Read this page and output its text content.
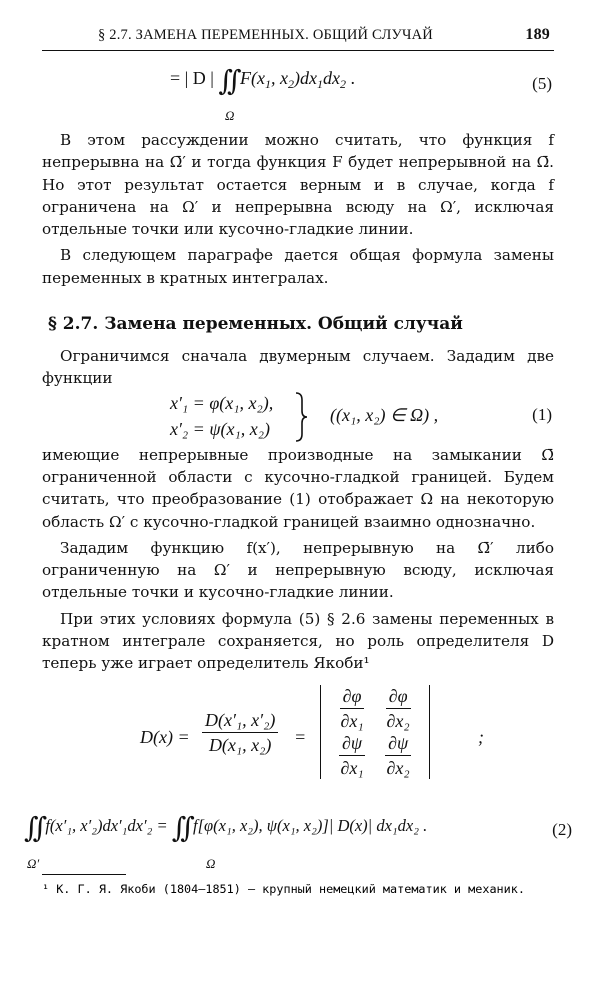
§ 2.7. ЗАМЕНА ПЕРЕМЕННЫХ. ОБЩИЙ СЛУЧАЙ	189
= | D | ∫∫ $F(x_1$, $x_2)dx_1dx_2$ .
Ω
(5)

В этом рассуждении можно считать, что функция f непрерывна на Ω̄′ и тогда функция F будет непрерывной на Ω̄. Но этот результат остается верным и в случае, когда f ограничена на Ω′ и непрерывна всюду на Ω′, исключая отдельные точки или кусочно-гладкие линии.

В следующем параграфе дается общая формула замены переменных в кратных интегралах.

§ 2.7. Замена переменных. Общий случай

Ограничимся сначала двумерным случаем. Зададим две функции

x′₁ = φ(x₁, x₂),
x′₂ = ψ(x₁, x₂)
((x₁, x₂) ∈ Ω) ,	(1)

имеющие непрерывные производные на замыкании Ω̄ ограниченной области с кусочно-гладкой границей. Будем считать, что преобразование (1) отображает Ω на некоторую область Ω′ с кусочно-гладкой границей взаимно однозначно.

Зададим функцию f(x′), непрерывную на Ω̄′ либо ограниченную на Ω′ и непрерывную всюду, исключая отдельные точки и кусочно-гладкие линии.

При этих условиях формула (5) § 2.6 замены переменных в кратном интеграле сохраняется, но роль определителя D теперь уже играет определитель Якоби¹

$D(x) = \frac{\text{D(x′₁, x′₂)}}{\text{D(x₁, x₂)}}$ =
$\frac{\partial\varphi}{\text{∂x₁}}$	$\frac{\partial\varphi}{\text{∂x₂}}$

$\frac{\partial\psi}{\text{∂x₁}}$	$\frac{\partial\psi}{\text{∂x₂}}$	;
∫∫ f(x′₁, x′₂)dx′₁dx′₂ = ∫∫ f[φ(x₁, x₂), ψ(x₁, x₂)]| D(x)| dx₁dx₂ .
Ω′	Ω
(2)
¹ К. Г. Я. Якоби (1804–1851) – крупный немецкий математик и механик.
